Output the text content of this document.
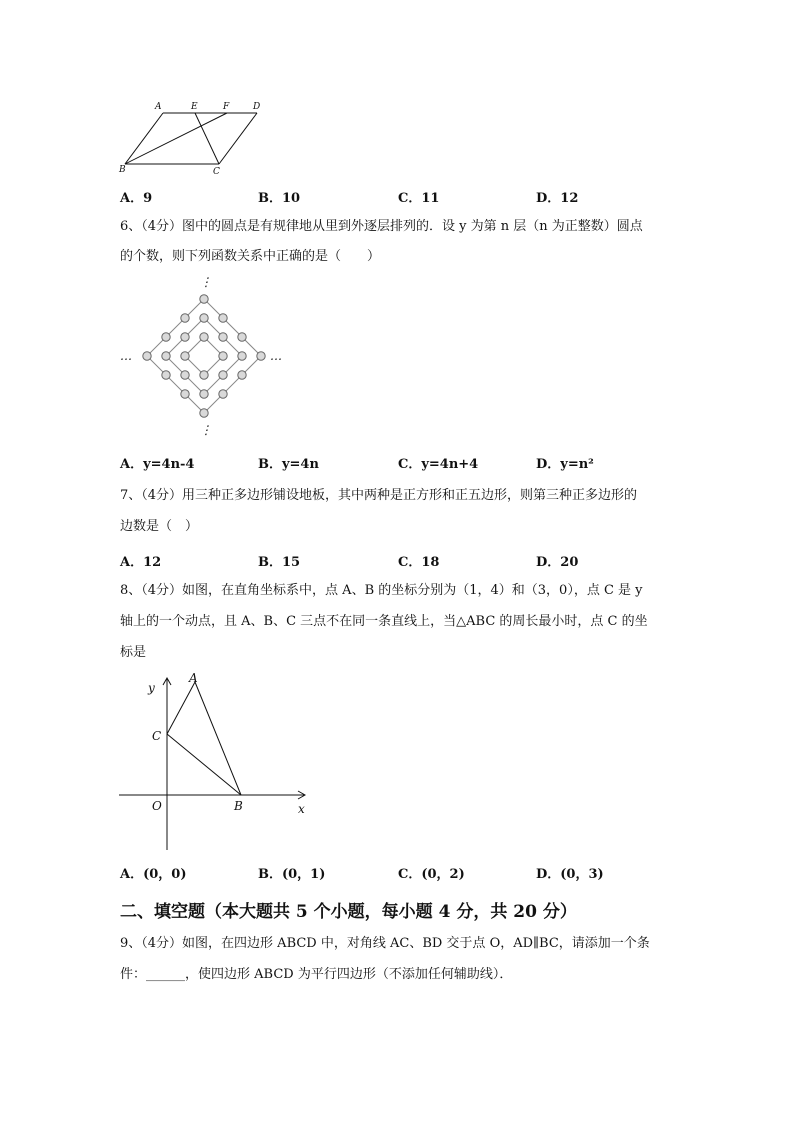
A	E	F	D
B	C
A．9	B．10	C．11	D．12
6、（4分）图中的圆点是有规律地从里到外逐层排列的．设 y 为第 n 层（n 为正整数）圆点
的个数，则下列函数关系中正确的是（　　）
⋮
⋮
…	…
A．y=4n-4	B．y=4n	C．y=4n+4	D．y=n²
7、（4分）用三种正多边形铺设地板，其中两种是正方形和正五边形，则第三种正多边形的
边数是（　）
A．12	B．15	C．18	D．20
8、（4分）如图，在直角坐标系中，点 A、B 的坐标分别为（1，4）和（3，0），点 C 是 y
轴上的一个动点，且 A、B、C 三点不在同一条直线上，当△ABC 的周长最小时，点 C 的坐
标是
y
A
C
O	B	x
A．(0，0)	B．(0，1)	C．(0，2)	D．(0，3)
二、填空题（本大题共 5 个小题，每小题 4 分，共 20 分）
9、（4分）如图，在四边形 ABCD 中，对角线 AC、BD 交于点 O，AD∥BC，请添加一个条
件：______，使四边形 ABCD 为平行四边形（不添加任何辅助线）．
